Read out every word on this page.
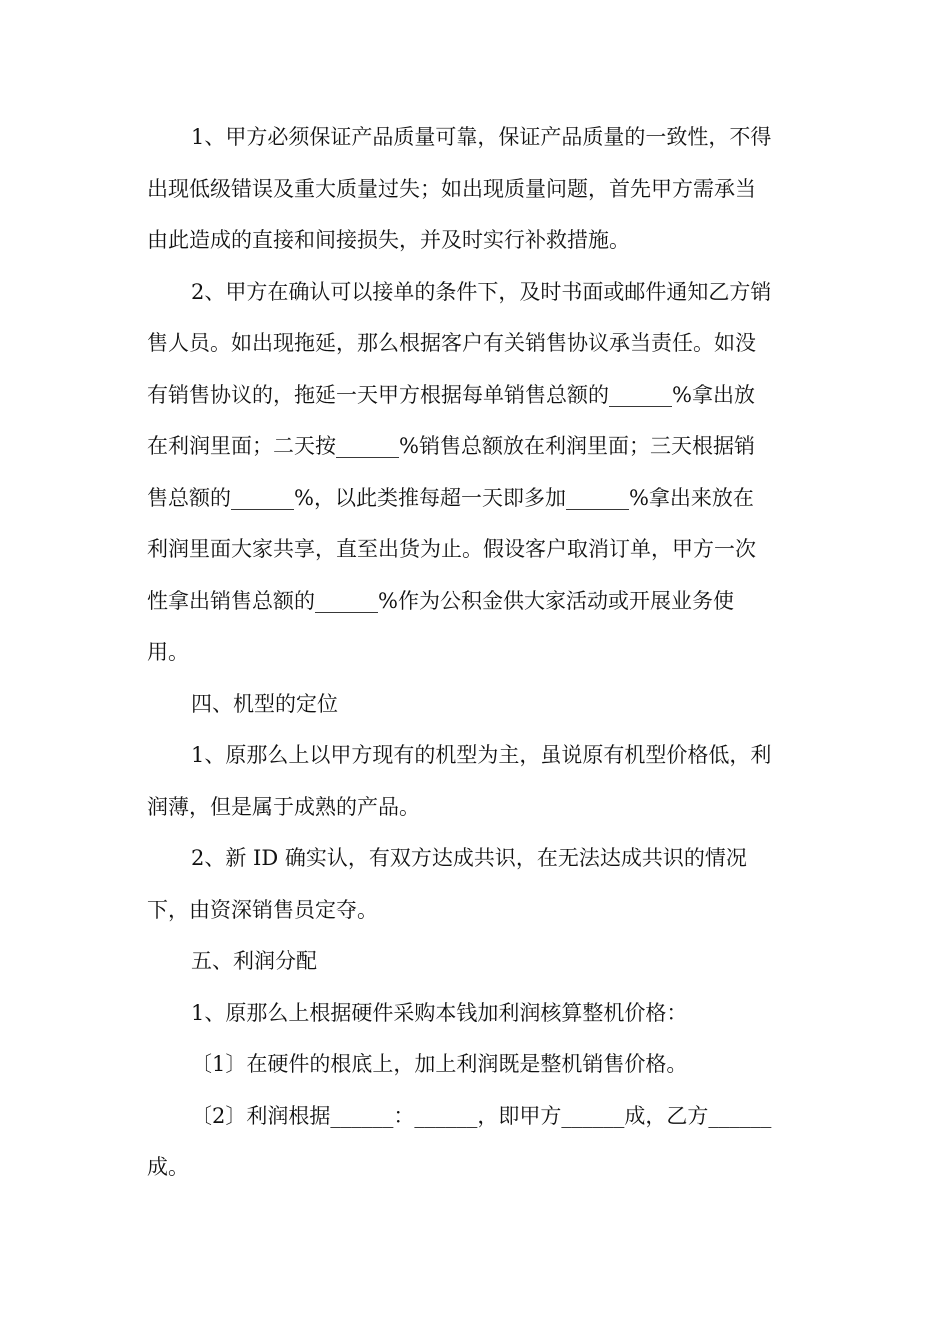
1、甲方必须保证产品质量可靠，保证产品质量的一致性，不得
出现低级错误及重大质量过失；如出现质量问题，首先甲方需承当
由此造成的直接和间接损失，并及时实行补救措施。
2、甲方在确认可以接单的条件下，及时书面或邮件通知乙方销
售人员。如出现拖延，那么根据客户有关销售协议承当责任。如没
有销售协议的，拖延一天甲方根据每单销售总额的______%拿出放
在利润里面；二天按______%销售总额放在利润里面；三天根据销
售总额的______%，以此类推每超一天即多加______%拿出来放在
利润里面大家共享，直至出货为止。假设客户取消订单，甲方一次
性拿出销售总额的______%作为公积金供大家活动或开展业务使
用。
四、机型的定位
1、原那么上以甲方现有的机型为主，虽说原有机型价格低，利
润薄，但是属于成熟的产品。
2、新 ID 确实认，有双方达成共识，在无法达成共识的情况
下，由资深销售员定夺。
五、利润分配
1、原那么上根据硬件采购本钱加利润核算整机价格：
〔1〕在硬件的根底上，加上利润既是整机销售价格。
〔2〕利润根据______：______，即甲方______成，乙方______
成。
